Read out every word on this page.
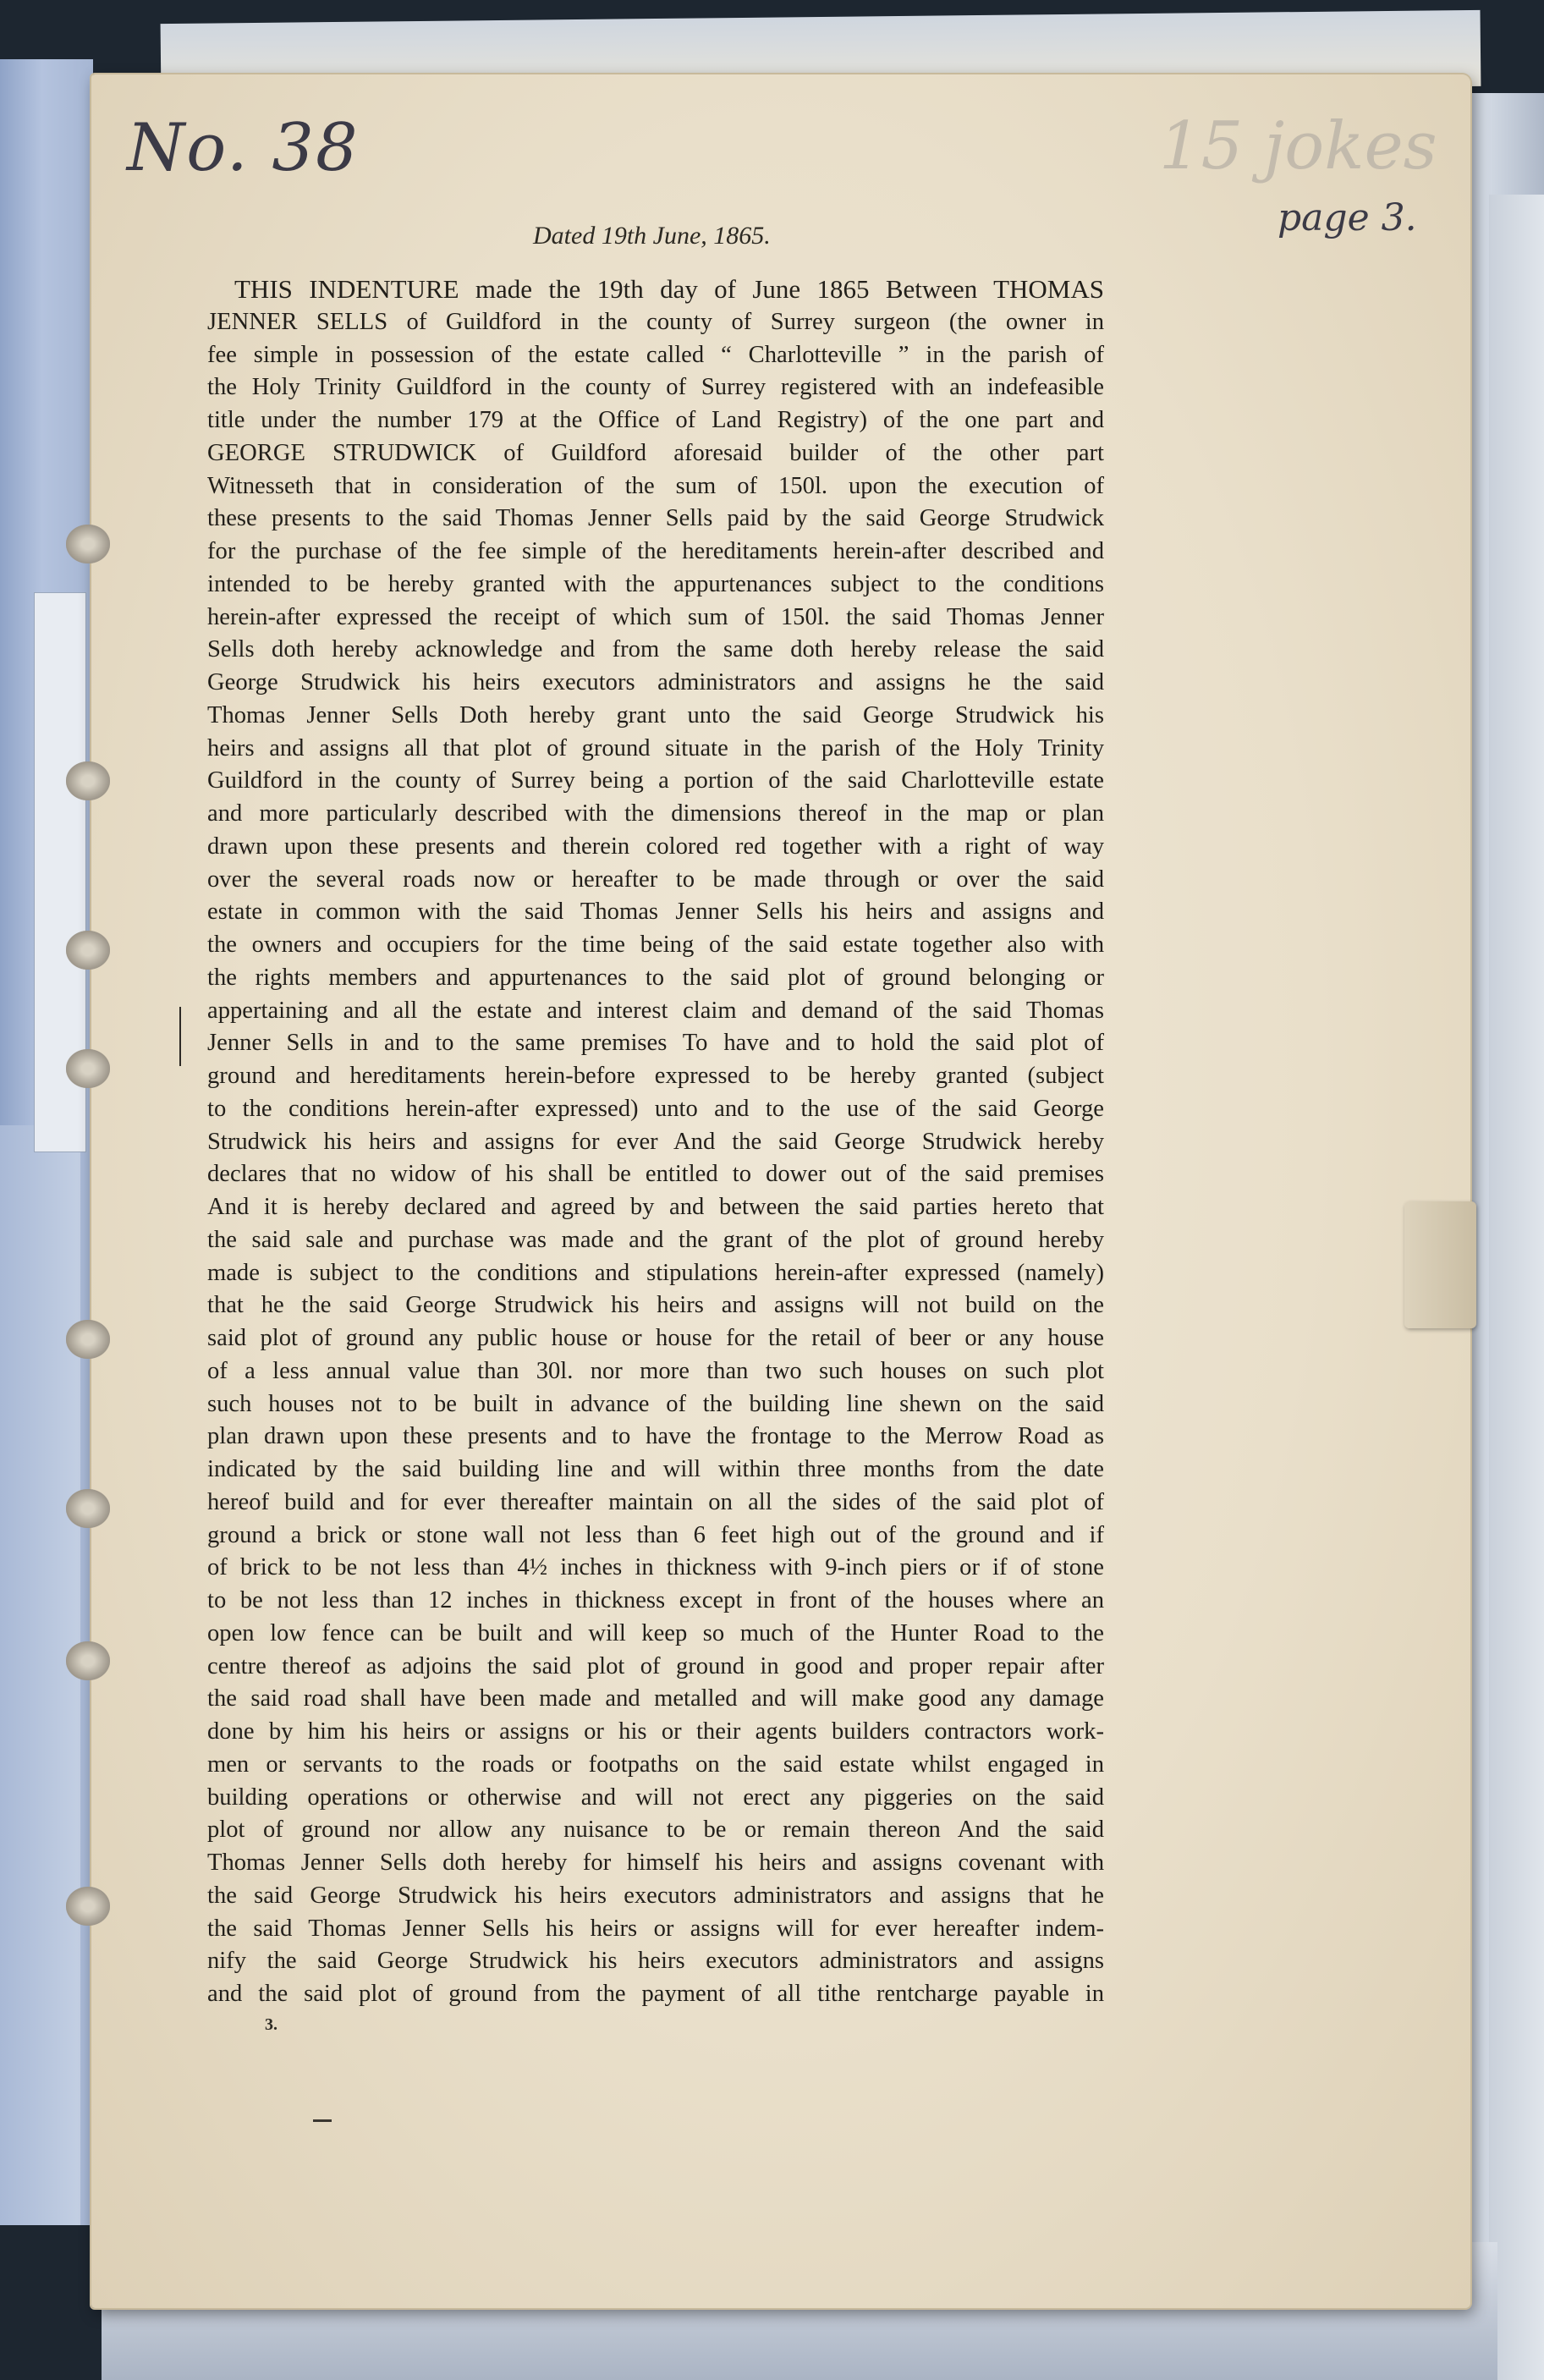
No. 38	15 jokes
page 3.
Dated 19th June, 1865.
THIS INDENTURE made the 19th day of June 1865 Between THOMAS
JENNER SELLS of Guildford in the county of Surrey surgeon (the owner in
fee simple in possession of the estate called “ Charlotteville ” in the parish of
the Holy Trinity Guildford in the county of Surrey registered with an indefeasible
title under the number 179 at the Office of Land Registry) of the one part and
GEORGE STRUDWICK of Guildford aforesaid builder of the other part
Witnesseth that in consideration of the sum of 150l. upon the execution of
these presents to the said Thomas Jenner Sells paid by the said George Strudwick
for the purchase of the fee simple of the hereditaments herein-after described and
intended to be hereby granted with the appurtenances subject to the conditions
herein-after expressed the receipt of which sum of 150l. the said Thomas Jenner
Sells doth hereby acknowledge and from the same doth hereby release the said
George Strudwick his heirs executors administrators and assigns he the said
Thomas Jenner Sells Doth hereby grant unto the said George Strudwick his
heirs and assigns all that plot of ground situate in the parish of the Holy Trinity
Guildford in the county of Surrey being a portion of the said Charlotteville estate
and more particularly described with the dimensions thereof in the map or plan
drawn upon these presents and therein colored red together with a right of way
over the several roads now or hereafter to be made through or over the said
estate in common with the said Thomas Jenner Sells his heirs and assigns and
the owners and occupiers for the time being of the said estate together also with
the rights members and appurtenances to the said plot of ground belonging or
appertaining and all the estate and interest claim and demand of the said Thomas
Jenner Sells in and to the same premises To have and to hold the said plot of
ground and hereditaments herein-before expressed to be hereby granted (subject
to the conditions herein-after expressed) unto and to the use of the said George
Strudwick his heirs and assigns for ever And the said George Strudwick hereby
declares that no widow of his shall be entitled to dower out of the said premises
And it is hereby declared and agreed by and between the said parties hereto that
the said sale and purchase was made and the grant of the plot of ground hereby
made is subject to the conditions and stipulations herein-after expressed (namely)
that he the said George Strudwick his heirs and assigns will not build on the
said plot of ground any public house or house for the retail of beer or any house
of a less annual value than 30l. nor more than two such houses on such plot
such houses not to be built in advance of the building line shewn on the said
plan drawn upon these presents and to have the frontage to the Merrow Road as
indicated by the said building line and will within three months from the date
hereof build and for ever thereafter maintain on all the sides of the said plot of
ground a brick or stone wall not less than 6 feet high out of the ground and if
of brick to be not less than 4½ inches in thickness with 9-inch piers or if of stone
to be not less than 12 inches in thickness except in front of the houses where an
open low fence can be built and will keep so much of the Hunter Road to the
centre thereof as adjoins the said plot of ground in good and proper repair after
the said road shall have been made and metalled and will make good any damage
done by him his heirs or assigns or his or their agents builders contractors work-
men or servants to the roads or footpaths on the said estate whilst engaged in
building operations or otherwise and will not erect any piggeries on the said
plot of ground nor allow any nuisance to be or remain thereon And the said
Thomas Jenner Sells doth hereby for himself his heirs and assigns covenant with
the said George Strudwick his heirs executors administrators and assigns that he
the said Thomas Jenner Sells his heirs or assigns will for ever hereafter indem-
nify the said George Strudwick his heirs executors administrators and assigns
and the said plot of ground from the payment of all tithe rentcharge payable in
3.
